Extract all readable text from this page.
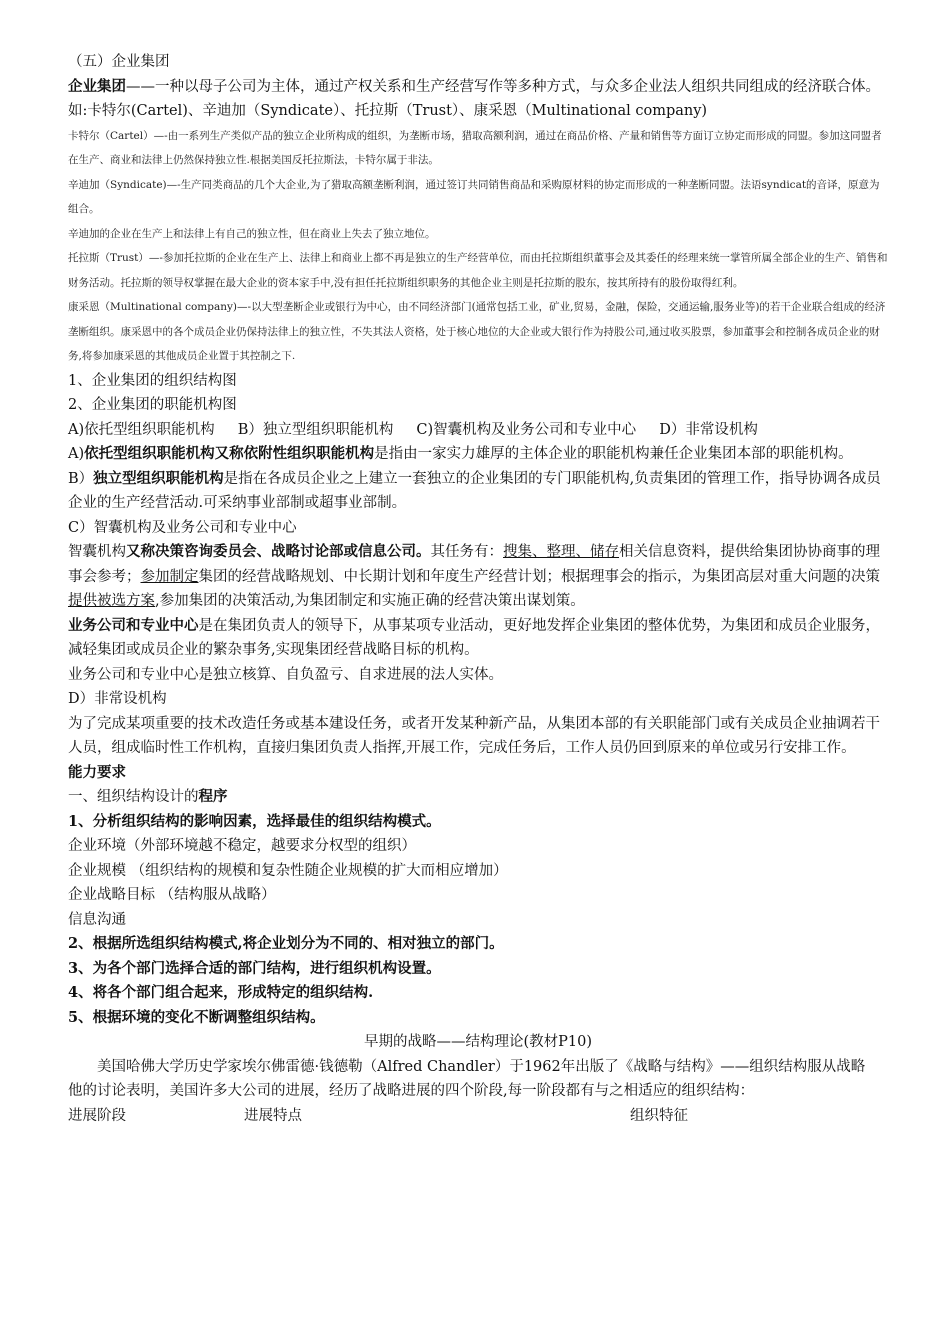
（五）企业集团

企业集团——一种以母子公司为主体，通过产权关系和生产经营写作等多种方式，与众多企业法人组织共同组成的经济联合体。如:卡特尔(Cartel)、辛迪加（Syndicate）、托拉斯（Trust）、康采恩（Multinational company)

卡特尔（Cartel）—-由一系列生产类似产品的独立企业所构成的组织，为垄断市场，猎取高额利润，通过在商品价格、产量和销售等方面订立协定而形成的同盟。参加这同盟者在生产、商业和法律上仍然保持独立性.根据美国反托拉斯法，卡特尔属于非法。

辛迪加（Syndicate)—-生产同类商品的几个大企业,为了猎取高额垄断利润，通过签订共同销售商品和采购原材料的协定而形成的一种垄断同盟。法语syndicat的音译，原意为组合。

辛迪加的企业在生产上和法律上有自己的独立性，但在商业上失去了独立地位。

托拉斯（Trust）—-参加托拉斯的企业在生产上、法律上和商业上都不再是独立的生产经营单位，而由托拉斯组织董事会及其委任的经理来统一掌管所属全部企业的生产、销售和财务活动。托拉斯的领导权掌握在最大企业的资本家手中,没有担任托拉斯组织职务的其他企业主则是托拉斯的股东，按其所持有的股份取得红利。

康采恩（Multinational company)—-以大型垄断企业或银行为中心，由不同经济部门(通常包括工业，矿业,贸易，金融，保险，交通运输,服务业等)的若干企业联合组成的经济垄断组织。康采恩中的各个成员企业仍保持法律上的独立性，不失其法人资格，处于核心地位的大企业或大银行作为持股公司,通过收买股票，参加董事会和控制各成员企业的财务,将参加康采恩的其他成员企业置于其控制之下.

1、企业集团的组织结构图

2、企业集团的职能机构图

A)依托型组织职能机构 B）独立型组织职能机构 C)智囊机构及业务公司和专业中心 D）非常设机构

A)依托型组织职能机构又称依附性组织职能机构是指由一家实力雄厚的主体企业的职能机构兼任企业集团本部的职能机构。

B）独立型组织职能机构是指在各成员企业之上建立一套独立的企业集团的专门职能机构,负责集团的管理工作，指导协调各成员企业的生产经营活动.可采纳事业部制或超事业部制。

C）智囊机构及业务公司和专业中心

智囊机构又称决策咨询委员会、战略讨论部或信息公司。其任务有：搜集、整理、储存相关信息资料，提供给集团协协商事的理事会参考；参加制定集团的经营战略规划、中长期计划和年度生产经营计划；根据理事会的指示，为集团高层对重大问题的决策提供被选方案,参加集团的决策活动,为集团制定和实施正确的经营决策出谋划策。

业务公司和专业中心是在集团负责人的领导下，从事某项专业活动，更好地发挥企业集团的整体优势，为集团和成员企业服务，减轻集团或成员企业的繁杂事务,实现集团经营战略目标的机构。

业务公司和专业中心是独立核算、自负盈亏、自求进展的法人实体。

D）非常设机构

为了完成某项重要的技术改造任务或基本建设任务，或者开发某种新产品，从集团本部的有关职能部门或有关成员企业抽调若干人员，组成临时性工作机构，直接归集团负责人指挥,开展工作，完成任务后，工作人员仍回到原来的单位或另行安排工作。

能力要求

一、组织结构设计的程序

1、分析组织结构的影响因素，选择最佳的组织结构模式。

企业环境（外部环境越不稳定，越要求分权型的组织）

企业规模 （组织结构的规模和复杂性随企业规模的扩大而相应增加）

企业战略目标 （结构服从战略）

信息沟通

2、根据所选组织结构模式,将企业划分为不同的、相对独立的部门。

3、为各个部门选择合适的部门结构，进行组织机构设置。

4、将各个部门组合起来，形成特定的组织结构.

5、根据环境的变化不断调整组织结构。

早期的战略——结构理论(教材P10)

美国哈佛大学历史学家埃尔佛雷德·钱德勒（Alfred Chandler）于1962年出版了《战略与结构》——组织结构服从战略

他的讨论表明，美国许多大公司的进展，经历了战略进展的四个阶段,每一阶段都有与之相适应的组织结构：

进展阶段	进展特点	组织特征
